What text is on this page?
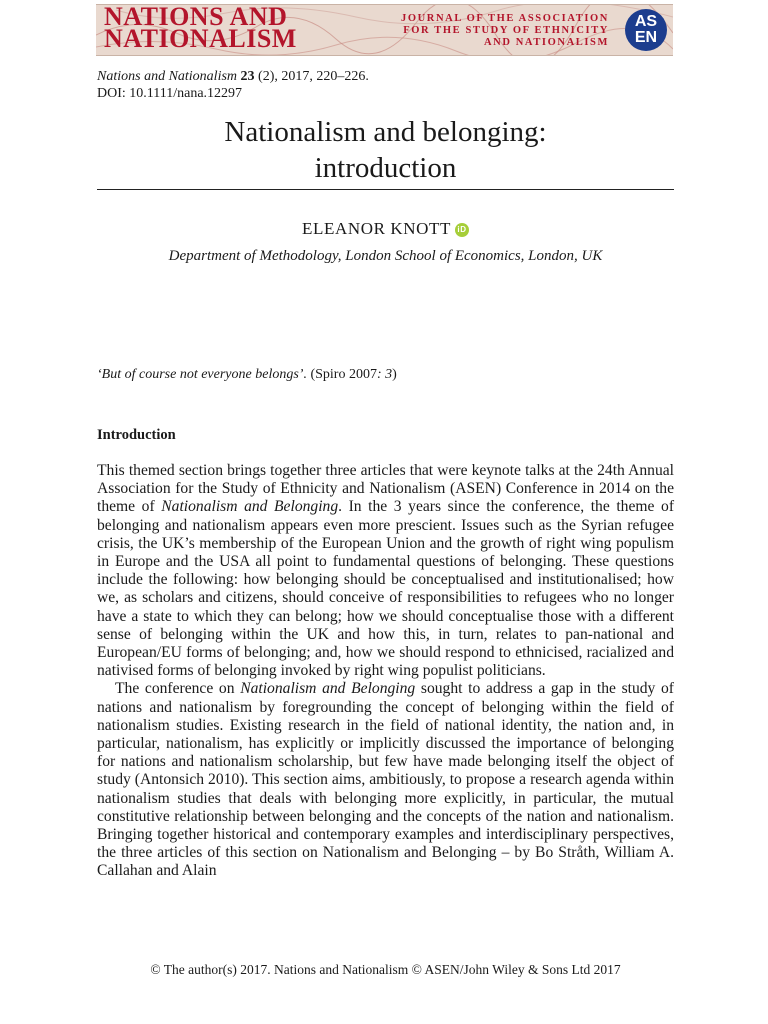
NATIONS AND
NATIONALISM
JOURNAL OF THE ASSOCIATION
FOR THE STUDY OF ETHNICITY
AND NATIONALISM
AS
EN
Nations and Nationalism 23 (2), 2017, 220–226.
DOI: 10.1111/nana.12297
Nationalism and belonging:
introduction
ELEANOR KNOTT iD
Department of Methodology, London School of Economics, London, UK
‘But of course not everyone belongs’. (Spiro 2007: 3)
Introduction

This themed section brings together three articles that were keynote talks at the 24th Annual Association for the Study of Ethnicity and Nationalism (ASEN) Conference in 2014 on the theme of Nationalism and Belonging. In the 3 years since the conference, the theme of belonging and nationalism appears even more prescient. Issues such as the Syrian refugee crisis, the UK’s membership of the European Union and the growth of right wing populism in Europe and the USA all point to fundamental questions of belonging. These questions include the following: how belonging should be conceptualised and institutionalised; how we, as scholars and citizens, should conceive of responsibilities to refugees who no longer have a state to which they can belong; how we should conceptualise those with a different sense of belonging within the UK and how this, in turn, relates to pan-national and European/EU forms of belonging; and, how we should respond to ethnicised, racialized and nativised forms of belonging invoked by right wing populist politicians.

The conference on Nationalism and Belonging sought to address a gap in the study of nations and nationalism by foregrounding the concept of belonging within the field of nationalism studies. Existing research in the field of national identity, the nation and, in particular, nationalism, has explicitly or implicitly discussed the importance of belonging for nations and nationalism scholarship, but few have made belonging itself the object of study (Antonsich 2010). This section aims, ambitiously, to propose a research agenda within nationalism studies that deals with belonging more explicitly, in particular, the mutual constitutive relationship between belonging and the concepts of the nation and nationalism. Bringing together historical and contemporary examples and interdisciplinary perspectives, the three articles of this section on Nationalism and Belonging – by Bo Stråth, William A. Callahan and Alain

© The author(s) 2017. Nations and Nationalism © ASEN/John Wiley & Sons Ltd 2017
